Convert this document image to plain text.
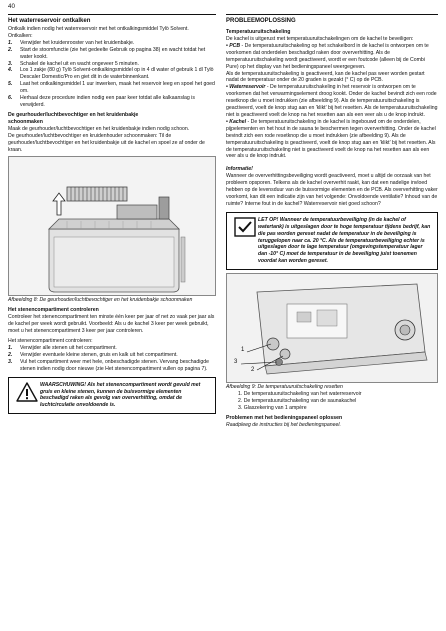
40
Het waterreservoir ontkalken

Ontkalk indien nodig het waterreservoir met het ontkalkingsmiddel Tylö Solvent.

Ontkalken:

1.	Verwijder het kruidenrooster van het kruidenbakje.
2.	Start de stoomfunctie (zie het gedeelte Gebruik op pagina 38) en wacht totdat het water kookt.
3.	Schakel de kachel uit en wacht ongeveer 5 minuten.
4.	Los 1 zakje (80 g) Tylö Solvent-ontkalkingsmiddel op in 4 dl water of gebruik 1 dl Tylö Descaler Domestic/Pro en giet dit in de waterbinnenkant.
5.	Laat het ontkalkingsmiddel 1 uur inwerken, maak het reservoir leeg en spoel het goed om.
6.	Herhaal deze procedure indien nodig een paar keer totdat alle kalkaanslag is verwijderd.
De geurhouder/luchtbevochtiger en het kruidenbakje
schoonmaken

Maak de geurhouder/luchtbevochtiger en het kruidenbakje indien nodig schoon.

De geurhouder/luchtbevochtiger en kruidenhouder schoonmaken: Til de geurhouder/luchtbevochtiger en het kruidenbakje uit de kachel en spoel ze af onder de kraan.

Afbeelding 8: De geurhouder/luchtbevochtiger en het kruidenbakje schoonmaken

Het stenencompartiment controleren

Controleer het stenencompartiment ten minste één keer per jaar of net zo vaak per jaar als de kachel per week wordt gebruikt. Voorbeeld: Als u de kachel 3 keer per week gebruikt, moet u het stenencompartiment 3 keer per jaar controleren.

Het stenencompartiment controleren:

1.	Verwijder alle stenen uit het compartiment.
2.	Verwijder eventuele kleine stenen, gruis en kalk uit het compartiment.
3.	Vul het compartiment weer met hele, onbeschadigde stenen. Vervang beschadigde stenen indien nodig door nieuwe (zie Het stenencompartiment vullen op pagina 7).
WAARSCHUWING! Als het stenencompartiment wordt gevuld met gruis en kleine stenen, kunnen de buisvormige elementen beschadigd raken als gevolg van oververhitting, omdat de luchtcirculatie onvoldoende is.
PROBLEEMOPLOSSING
Temperatuuruitschakeling

De kachel is uitgerust met temperatuuruitschakelingen om de kachel te beveiligen:

• PCB - De temperatuuruitschakeling op het schakelbord in de kachel is ontworpen om te voorkomen dat onderdelen beschadigd raken door oververhitting. Als de temperatuuruitschakeling wordt geactiveerd, wordt er een foutcode (alleen bij de Combi Pure) op het display van het bedieningspaneel weergegeven.

Als de temperatuuruitschakeling is geactiveerd, kan de kachel pas weer worden gestart nadat de temperatuur onder de 20 graden is gezakt (° C) op de PCB.

• Waterreservoir - De temperatuuruitschakeling in het reservoir is ontworpen om te voorkomen dat het verwarmingselement droog kookt. Onder de kachel bevindt zich een rode resetknop die u moet indrukken (zie afbeelding 9). Als de temperatuuruitschakeling is geactiveerd, voelt de knop stug aan en 'klikt' bij het resetten. Als de temperatuuruitschakeling niet is geactiveerd voelt de knop na het resetten aan als een veer als u de knop indrukt.

• Kachel - De temperatuuruitschakeling in de kachel is ingebouwd om de onderdelen, pijpelementen en het hout in de sauna te beschermen tegen oververhitting. Onder de kachel bevindt zich een rode resetknop die u moet indrukken (zie afbeelding 9). Als de temperatuuruitschakeling is geactiveerd, voelt de knop stug aan en 'klikt' bij het resetten. Als de temperatuuruitschakeling niet is geactiveerd voelt de knop na het resetten aan als een veer als u de knop indrukt.

Informatie!

Wanneer de oververhittingsbeveiliging wordt geactiveerd, moet u altijd de oorzaak van het probleem opsporen. Telkens als de kachel oververhit raakt, kan dat een nadelige invloed hebben op de levensduur van de buisvormige elementen en de PCB. Als oververhitting vaker voorkomt, kan dit een indicatie zijn van het volgende: Onvoldoende ventilatie? Inhoud van de ruimte? Interne fout in de kachel? Waterreservoir niet goed schoon?

LET OP! Wanneer de temperatuurbeveiliging (in de kachel of watertank) is uitgeslagen door te hoge temperatuur tijdens bedrijf, kan die pas worden gereset nadat de temperatuur in de beveiliging is teruggelopen naar ca. 20 °C. Als de temperatuurbeveiliging echter is uitgeslagen door te lage temperatuur (omgevingstemperatuur lager dan -10° C) moet de temperatuur in de beveiliging juist toenemen voordat kan worden gereset.
1
2
3

Afbeelding 9: De temperatuuruitschakeling resetten

1. De temperatuuruitschakeling van het waterreservoir

2. De temperatuuruitschakeling van de saunakachel

3. Glaszekering van 1 ampère

Problemen met het bedieningspaneel oplossen

Raadpleeg de instructies bij het bedieningspaneel.
